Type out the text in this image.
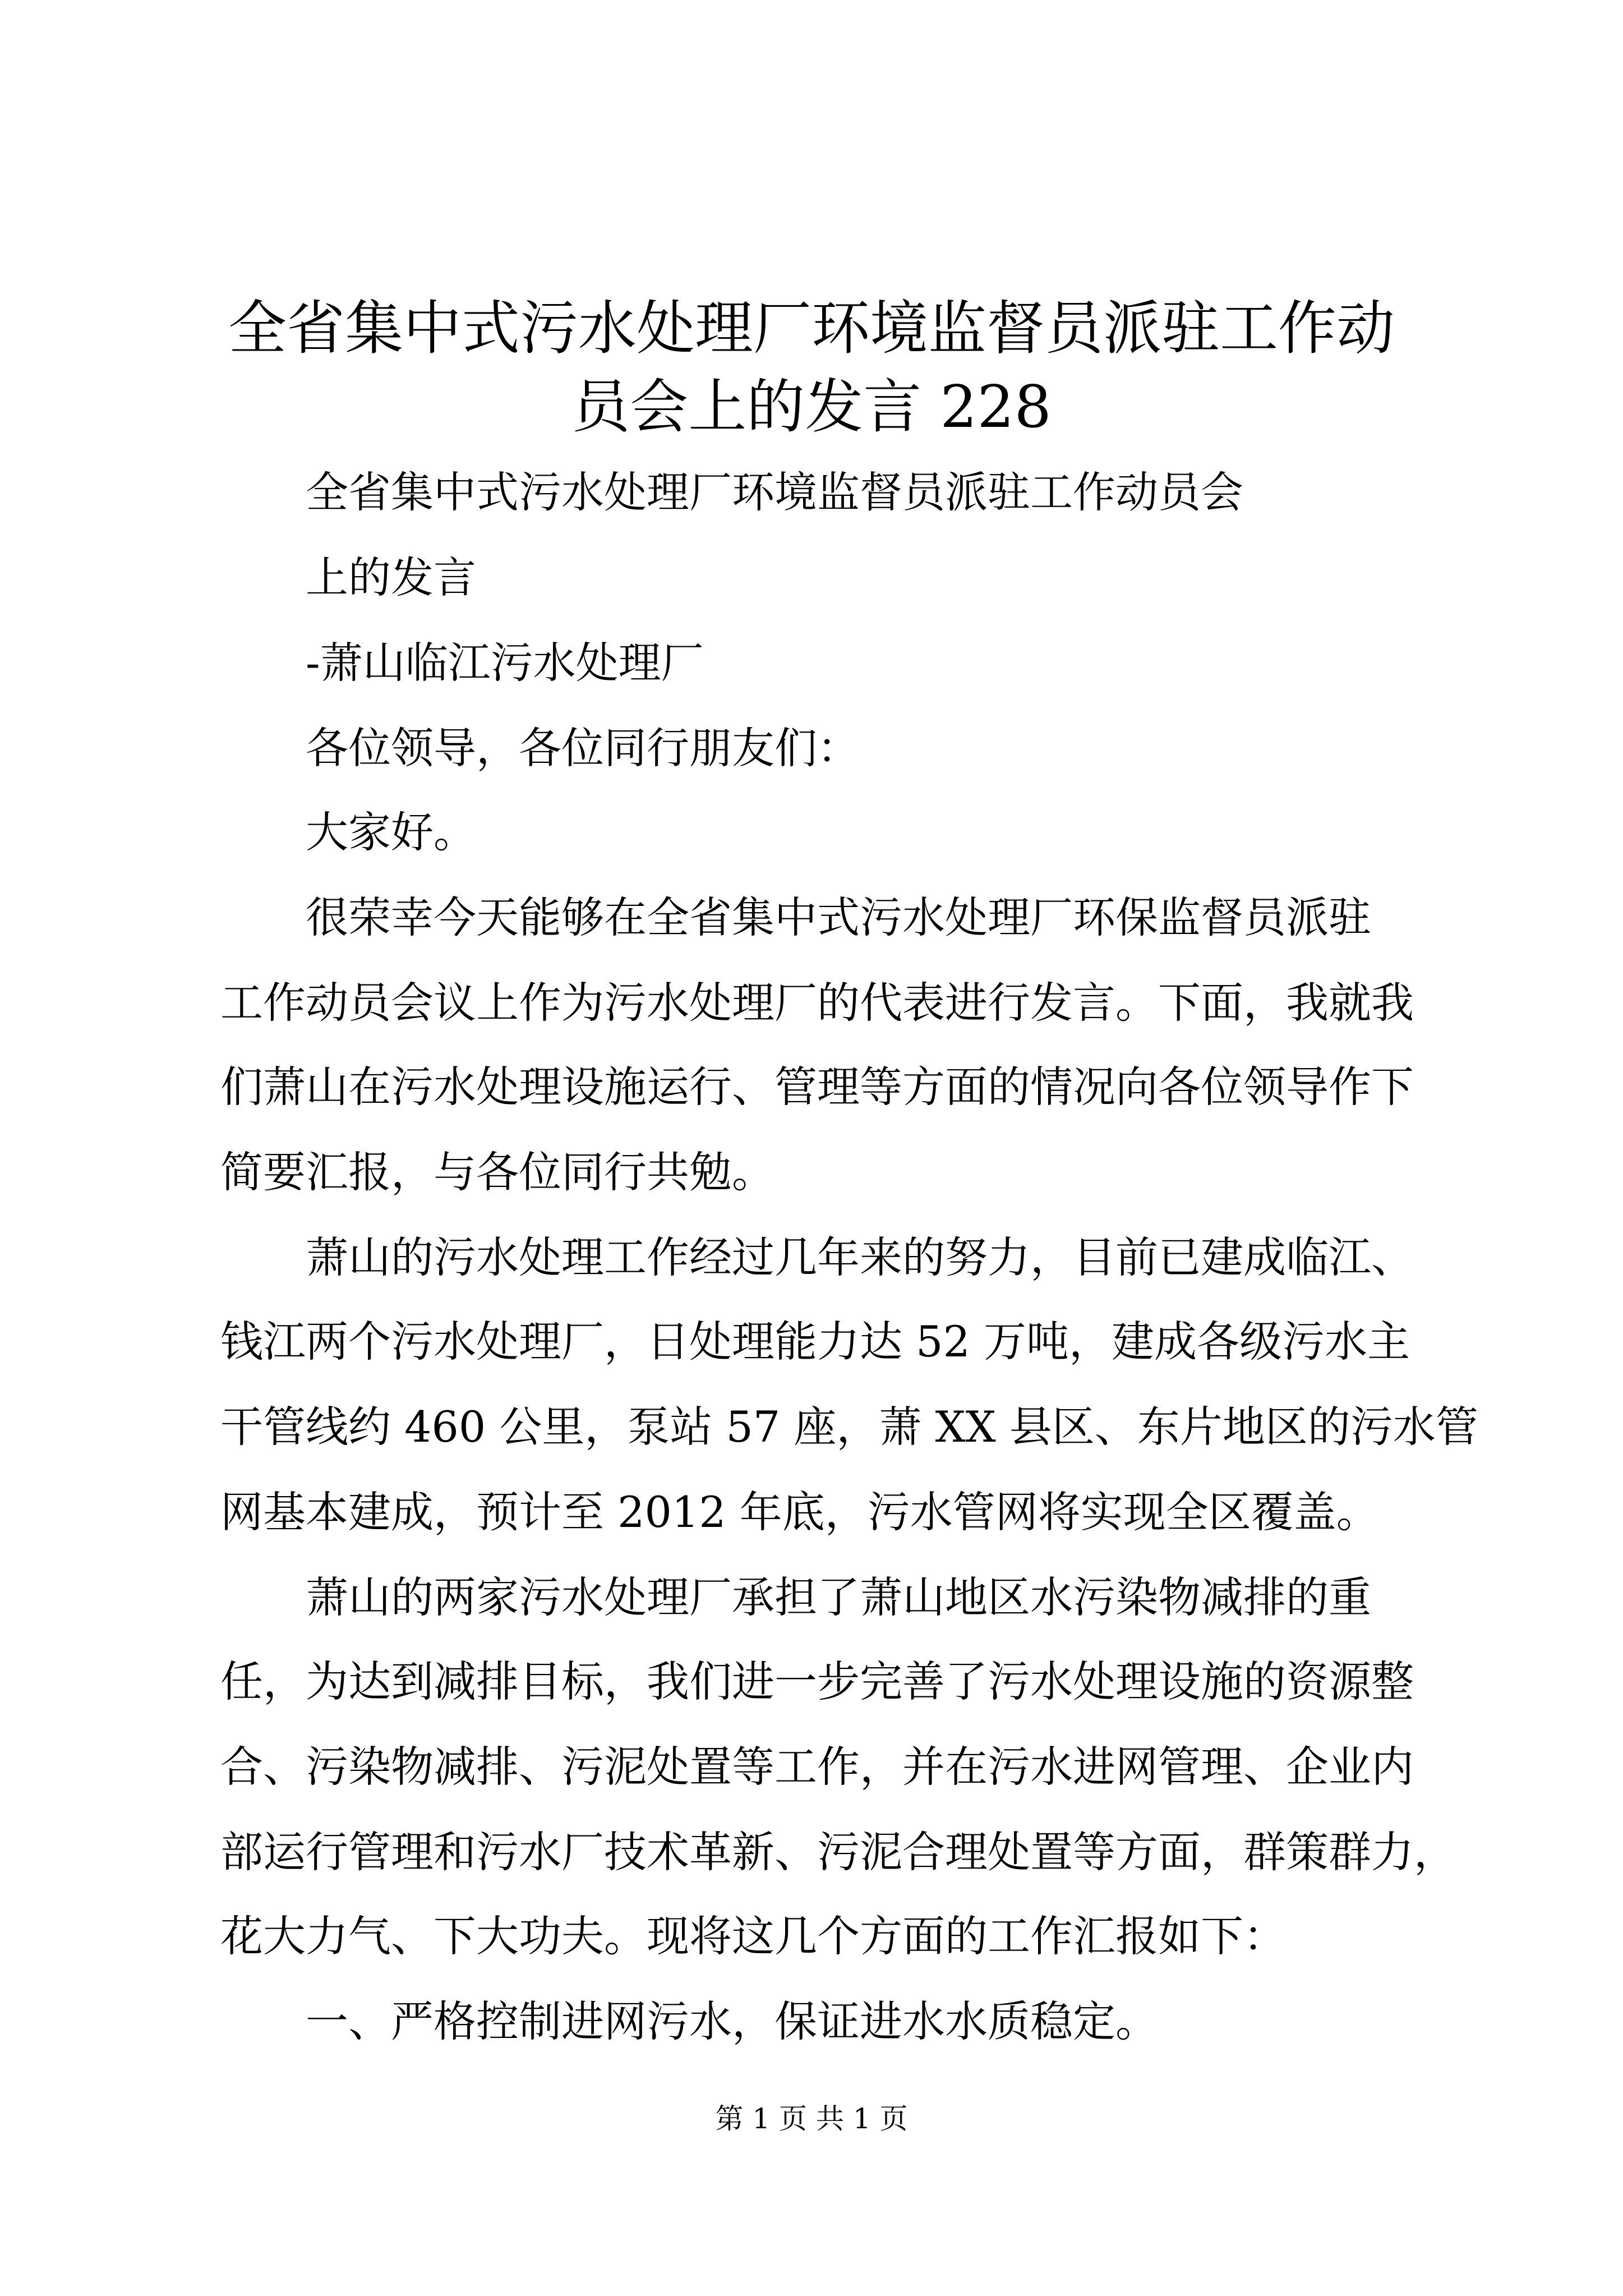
全省集中式污水处理厂环境监督员派驻工作动
员会上的发言 228
全省集中式污水处理厂环境监督员派驻工作动员会
上的发言
-萧山临江污水处理厂
各位领导，各位同行朋友们：
大家好。
很荣幸今天能够在全省集中式污水处理厂环保监督员派驻
工作动员会议上作为污水处理厂的代表进行发言。下面，我就我
们萧山在污水处理设施运行、管理等方面的情况向各位领导作下
简要汇报，与各位同行共勉。
萧山的污水处理工作经过几年来的努力，目前已建成临江、
钱江两个污水处理厂，日处理能力达 52 万吨，建成各级污水主
干管线约 460 公里，泵站 57 座，萧 XX 县区、东片地区的污水管
网基本建成，预计至 2012 年底，污水管网将实现全区覆盖。
萧山的两家污水处理厂承担了萧山地区水污染物减排的重
任，为达到减排目标，我们进一步完善了污水处理设施的资源整
合、污染物减排、污泥处置等工作，并在污水进网管理、企业内
部运行管理和污水厂技术革新、污泥合理处置等方面，群策群力，
花大力气、下大功夫。现将这几个方面的工作汇报如下：
一、严格控制进网污水，保证进水水质稳定。
第 1 页 共 1 页
